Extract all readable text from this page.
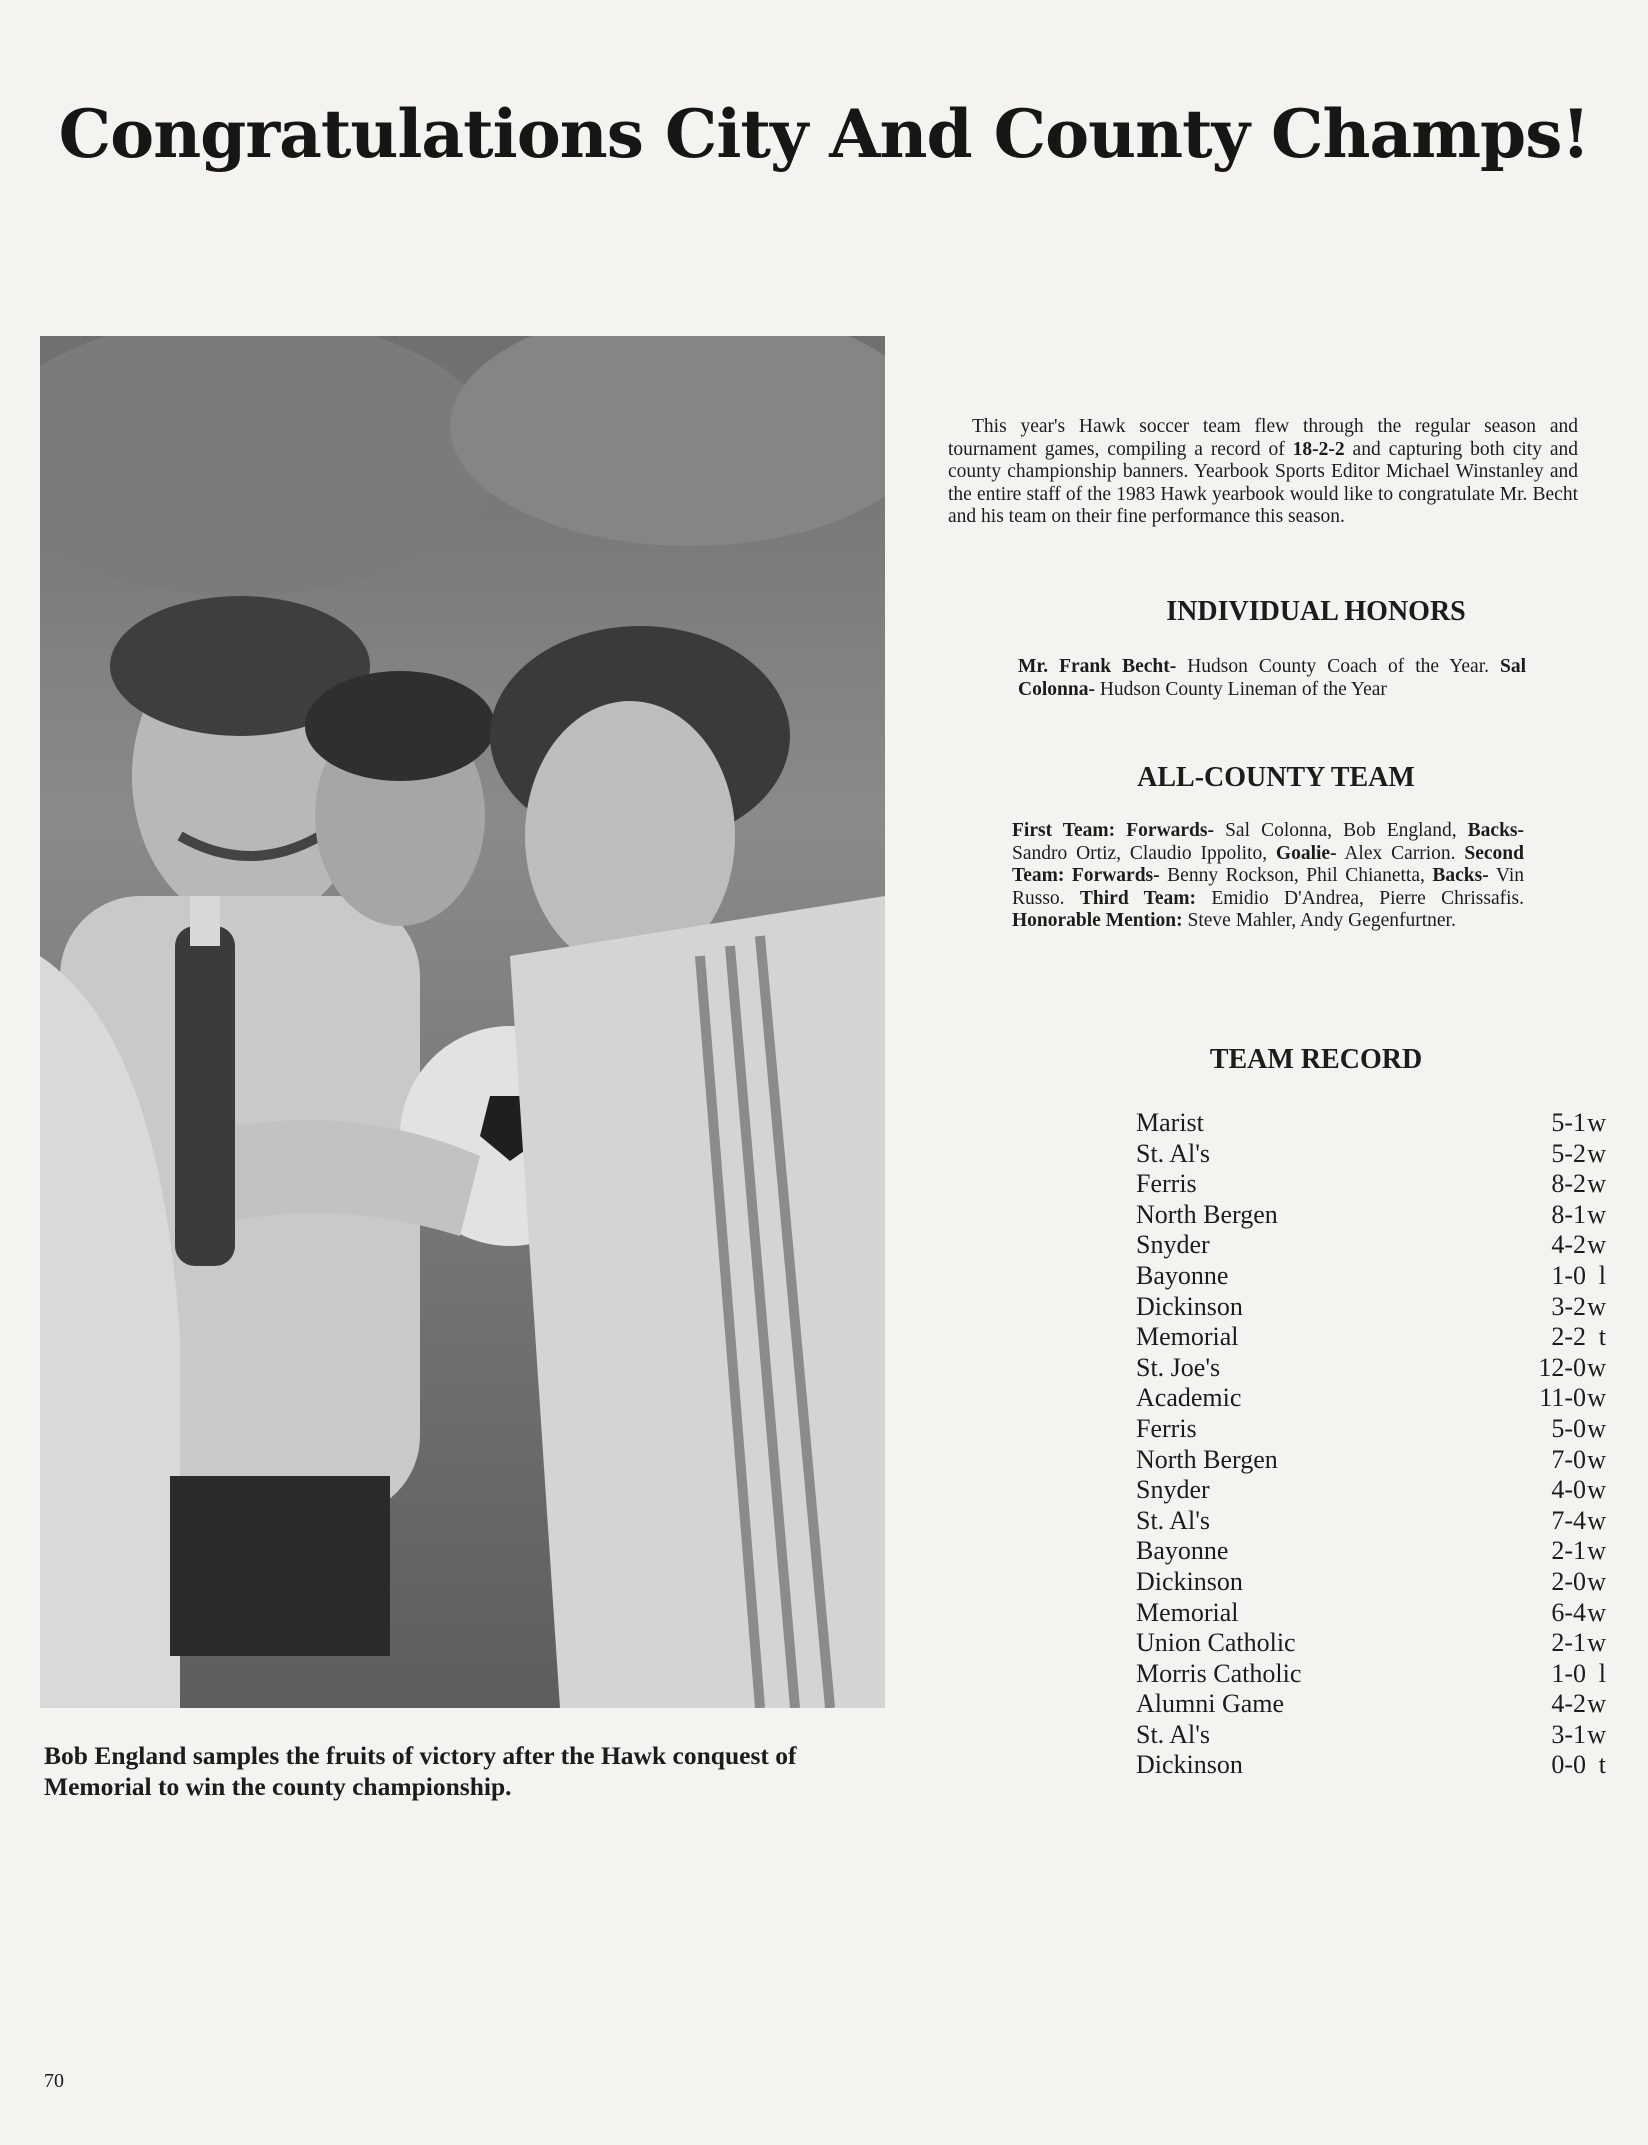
Congratulations City And County Champs!

Bob England samples the fruits of victory after the Hawk conquest of Memorial to win the county championship.

This year's Hawk soccer team flew through the regular season and tournament games, compiling a record of 18-2-2 and capturing both city and county championship banners. Yearbook Sports Editor Michael Winstanley and the entire staff of the 1983 Hawk yearbook would like to congratulate Mr. Becht and his team on their fine performance this season.

INDIVIDUAL HONORS

Mr. Frank Becht- Hudson County Coach of the Year. Sal Colonna- Hudson County Lineman of the Year

ALL-COUNTY TEAM

First Team: Forwards- Sal Colonna, Bob England, Backs- Sandro Ortiz, Claudio Ippolito, Goalie- Alex Carrion. Second Team: Forwards- Benny Rockson, Phil Chianetta, Backs- Vin Russo. Third Team: Emidio D'Andrea, Pierre Chrissafis. Honorable Mention: Steve Mahler, Andy Gegenfurtner.

TEAM RECORD
Marist	5-1 w
St. Al's	5-2 w
Ferris	8-2 w
North Bergen	8-1 w
Snyder	4-2 w
Bayonne	1-0 l
Dickinson	3-2 w
Memorial	2-2 t
St. Joe's	12-0 w
Academic	11-0 w
Ferris	5-0 w
North Bergen	7-0 w
Snyder	4-0 w
St. Al's	7-4 w
Bayonne	2-1 w
Dickinson	2-0 w
Memorial	6-4 w
Union Catholic	2-1 w
Morris Catholic	1-0 l
Alumni Game	4-2 w
St. Al's	3-1 w
Dickinson	0-0 t
70
